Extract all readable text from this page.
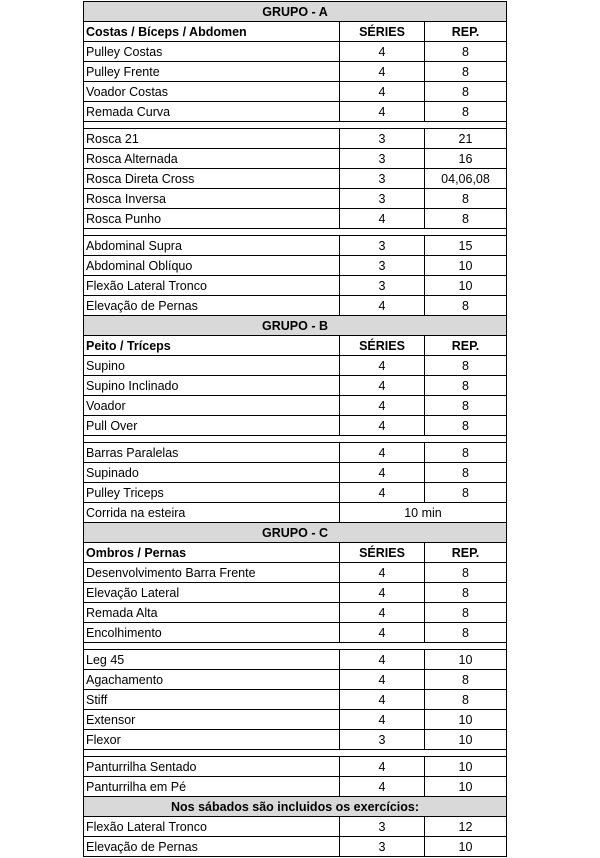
GRUPO - A		
Costas / Bíceps / Abdomen	SÉRIES	REP.
Pulley Costas	4	8
Pulley Frente	4	8
Voador Costas	4	8
Remada Curva	4	8

Rosca 21	3	21
Rosca Alternada	3	16
Rosca Direta Cross	3	04,06,08
Rosca Inversa	3	8
Rosca Punho	4	8

Abdominal Supra	3	15
Abdominal Oblíquo	3	10
Flexão Lateral Tronco	3	10
Elevação de Pernas	4	8
GRUPO - B		
Peito / Tríceps	SÉRIES	REP.
Supino	4	8
Supino Inclinado	4	8
Voador	4	8
Pull Over	4	8

Barras Paralelas	4	8
Supinado	4	8
Pulley Triceps	4	8
Corrida na esteira	10 min	
GRUPO - C		
Ombros / Pernas	SÉRIES	REP.
Desenvolvimento Barra Frente	4	8
Elevação Lateral	4	8
Remada Alta	4	8
Encolhimento	4	8

Leg 45	4	10
Agachamento	4	8
Stiff	4	8
Extensor	4	10
Flexor	3	10

Panturrilha Sentado	4	10
Panturrilha em Pé	4	10
Nos sábados são incluidos os exercícios:		
Flexão Lateral Tronco	3	12
Elevação de Pernas	3	10
